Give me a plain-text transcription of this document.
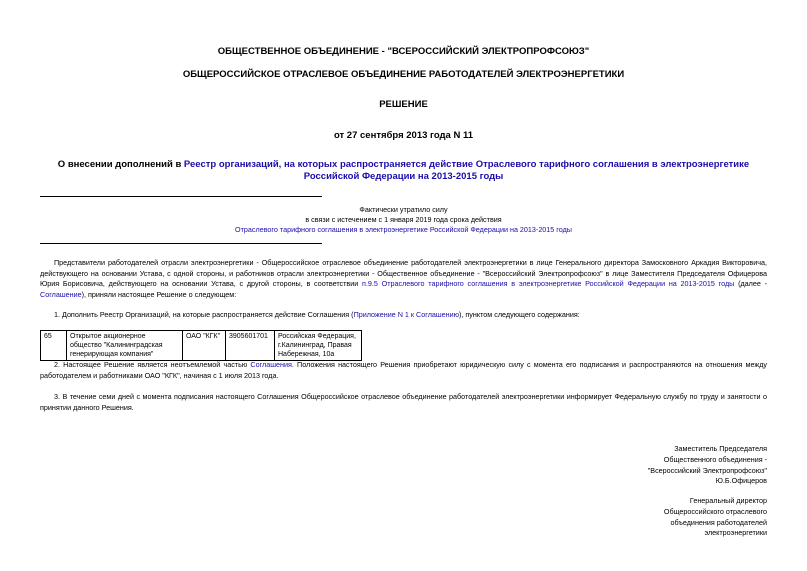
ОБЩЕСТВЕННОЕ ОБЪЕДИНЕНИЕ - "ВСЕРОССИЙСКИЙ ЭЛЕКТРОПРОФСОЮЗ"
ОБЩЕРОССИЙСКОЕ ОТРАСЛЕВОЕ ОБЪЕДИНЕНИЕ РАБОТОДАТЕЛЕЙ ЭЛЕКТРОЭНЕРГЕТИКИ
РЕШЕНИЕ
от 27 сентября 2013 года N 11
О внесении дополнений в Реестр организаций, на которых распространяется действие Отраслевого тарифного соглашения в электроэнергетике Российской Федерации на 2013-2015 годы
Фактически утратило силу
в связи с истечением с 1 января 2019 года срока действия
Отраслевого тарифного соглашения в электроэнергетике Российской Федерации на 2013-2015 годы
Представители работодателей отрасли электроэнергетики - Общероссийское отраслевое объединение работодателей электроэнергетики в лице Генерального директора Замосковного Аркадия Викторовича, действующего на основании Устава, с одной стороны, и работников отрасли электроэнергетики - Общественное объединение - "Всероссийский Электропрофсоюз" в лице Заместителя Председателя Офицерова Юрия Борисовича, действующего на основании Устава, с другой стороны, в соответствии п.9.5 Отраслевого тарифного соглашения в электроэнергетике Российской Федерации на 2013-2015 годы (далее - Соглашение), приняли настоящее Решение о следующем:
1. Дополнить Реестр Организаций, на которые распространяется действие Соглашения (Приложение N 1 к Соглашению), пунктом следующего содержания:
65	Открытое акционерное общество "Калининградская генерирующая компания"	ОАО "КГК"	3905601701	Российская Федерация, г.Калининград, Правая Набережная, 10а
2. Настоящее Решение является неотъемлемой частью Соглашения. Положения настоящего Решения приобретают юридическую силу с момента его подписания и распространяются на отношения между работодателем и работниками ОАО "КГК", начиная с 1 июля 2013 года.
3. В течение семи дней с момента подписания настоящего Соглашения Общероссийское отраслевое объединение работодателей электроэнергетики информирует Федеральную службу по труду и занятости о принятии данного Решения.
Заместитель Председателя
Общественного объединения -
"Всероссийский Электропрофсоюз"
Ю.Б.Офицеров
Генеральный директор
Общероссийского отраслевого
объединения работодателей
электроэнергетики
